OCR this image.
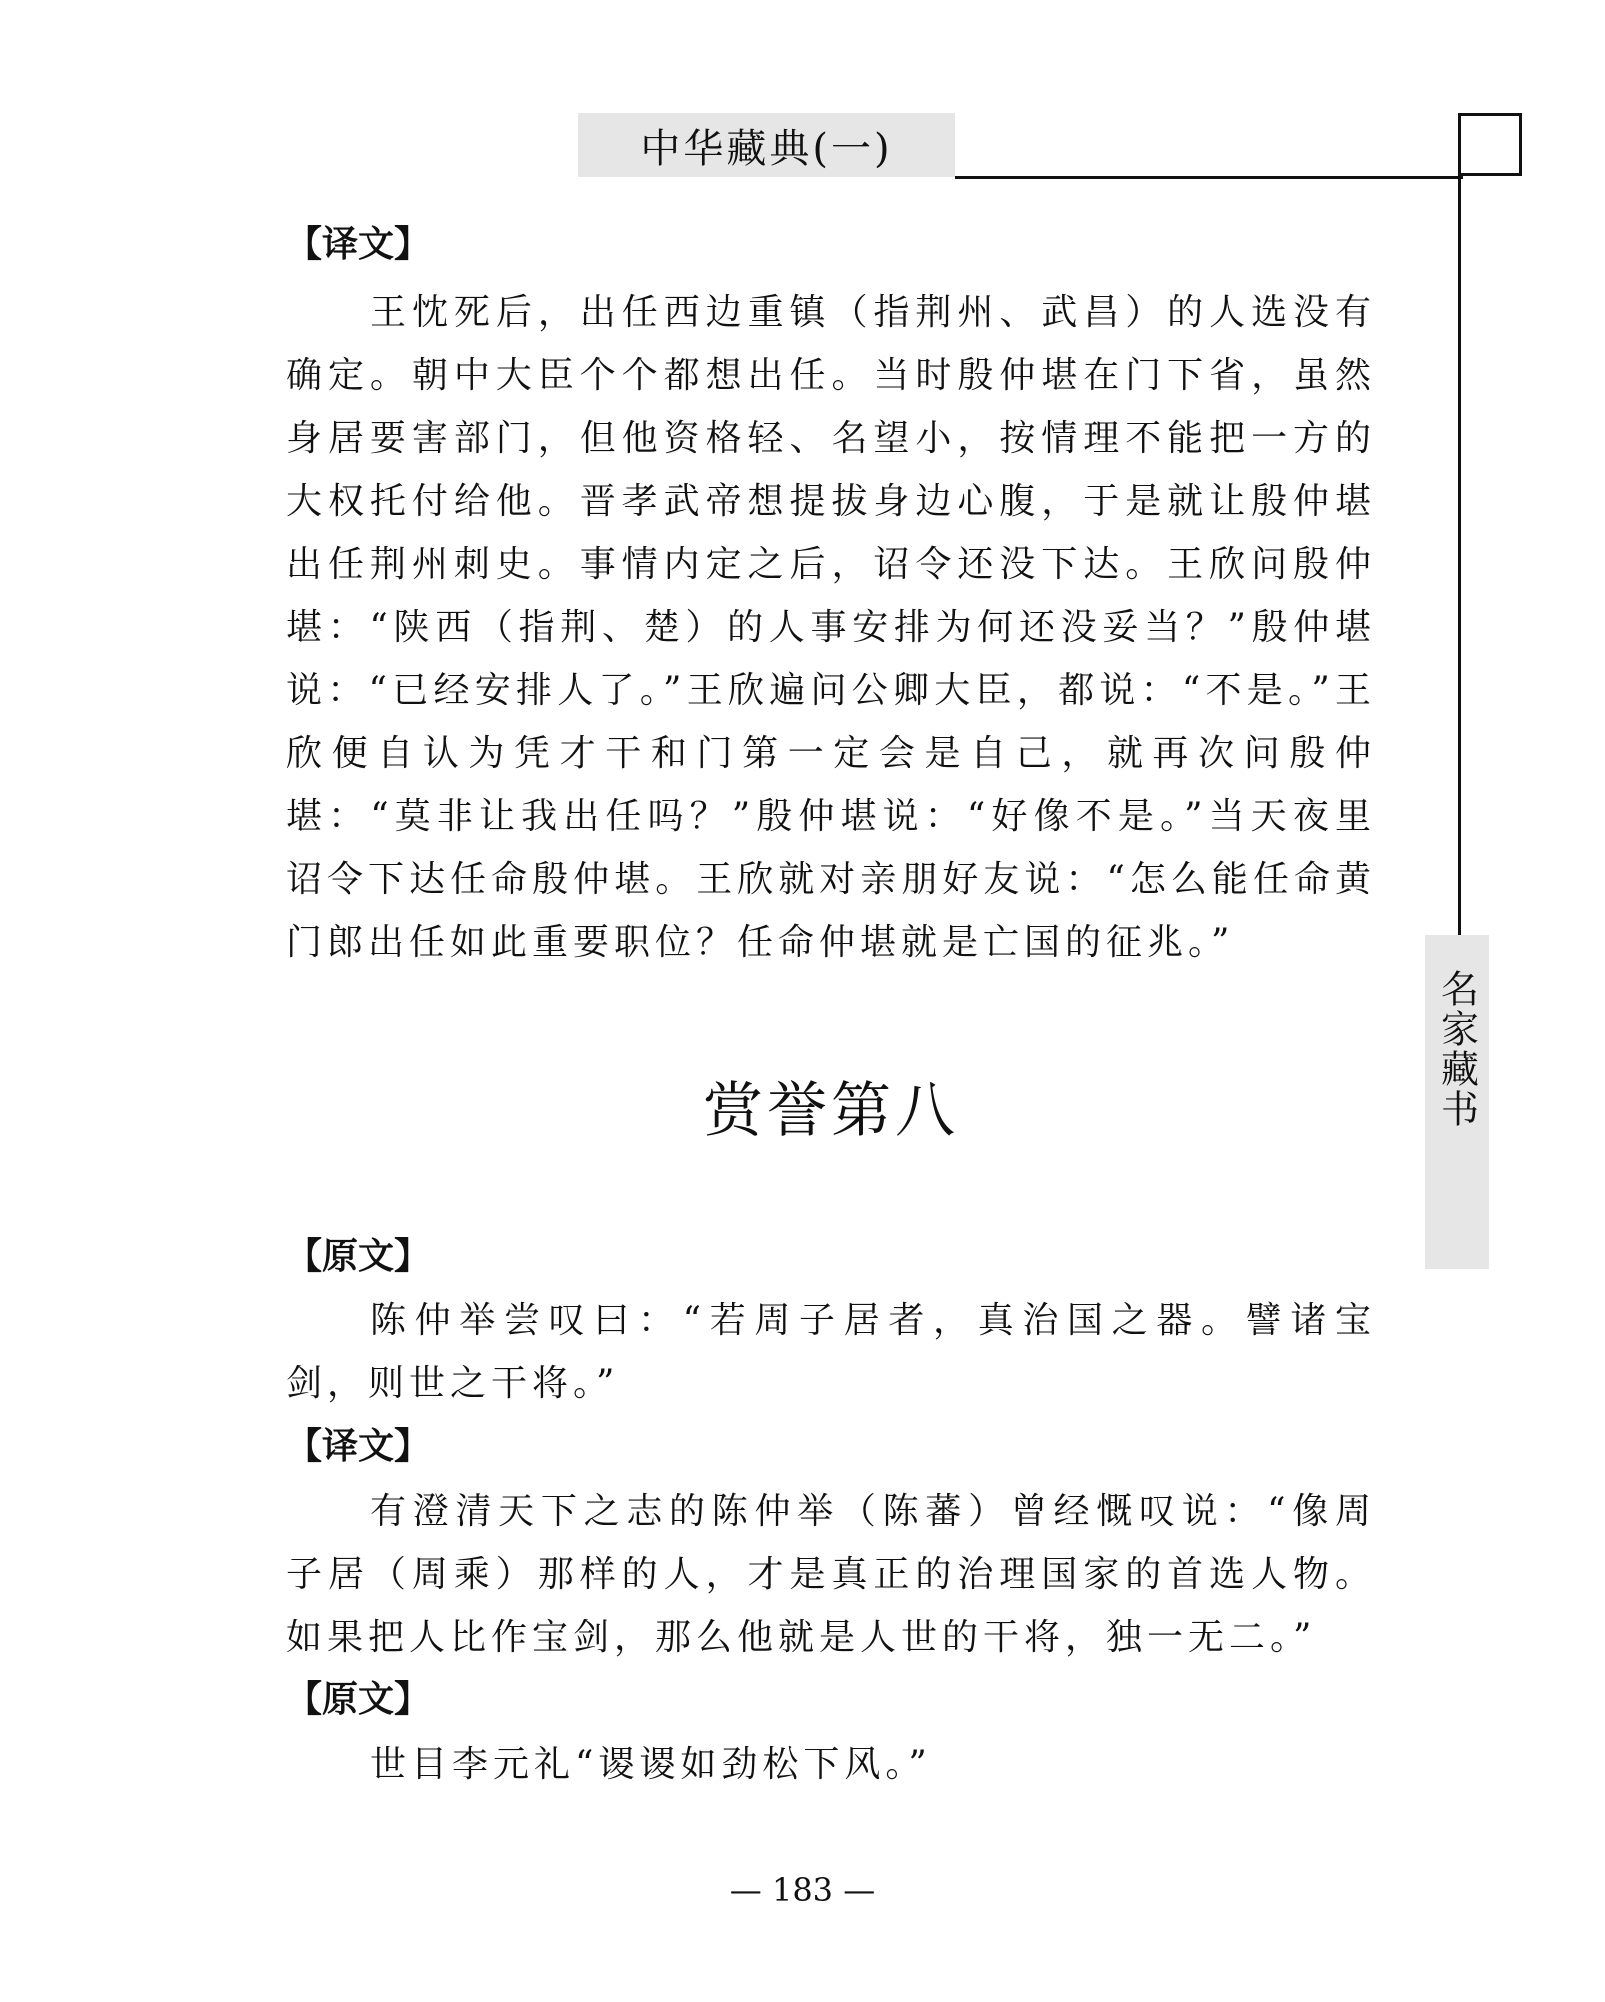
中华藏典(一)
名家藏书
【译文】
王忱死后，出任西边重镇（指荆州、武昌）的人选没有确定。朝中大臣个个都想出任。当时殷仲堪在门下省，虽然身居要害部门，但他资格轻、名望小，按情理不能把一方的大权托付给他。晋孝武帝想提拔身边心腹，于是就让殷仲堪出任荆州刺史。事情内定之后，诏令还没下达。王欣问殷仲堪：“陕西（指荆、楚）的人事安排为何还没妥当？”殷仲堪说：“已经安排人了。”王欣遍问公卿大臣，都说：“不是。”王欣便自认为凭才干和门第一定会是自己，就再次问殷仲堪：“莫非让我出任吗？”殷仲堪说：“好像不是。”当天夜里诏令下达任命殷仲堪。王欣就对亲朋好友说：“怎么能任命黄门郎出任如此重要职位？任命仲堪就是亡国的征兆。”
赏誉第八
【原文】
陈仲举尝叹曰：“若周子居者，真治国之器。譬诸宝剑，则世之干将。”
【译文】
有澄清天下之志的陈仲举（陈蕃）曾经慨叹说：“像周子居（周乘）那样的人，才是真正的治理国家的首选人物。如果把人比作宝剑，那么他就是人世的干将，独一无二。”
【原文】
世目李元礼“谡谡如劲松下风。”
— 183 —
